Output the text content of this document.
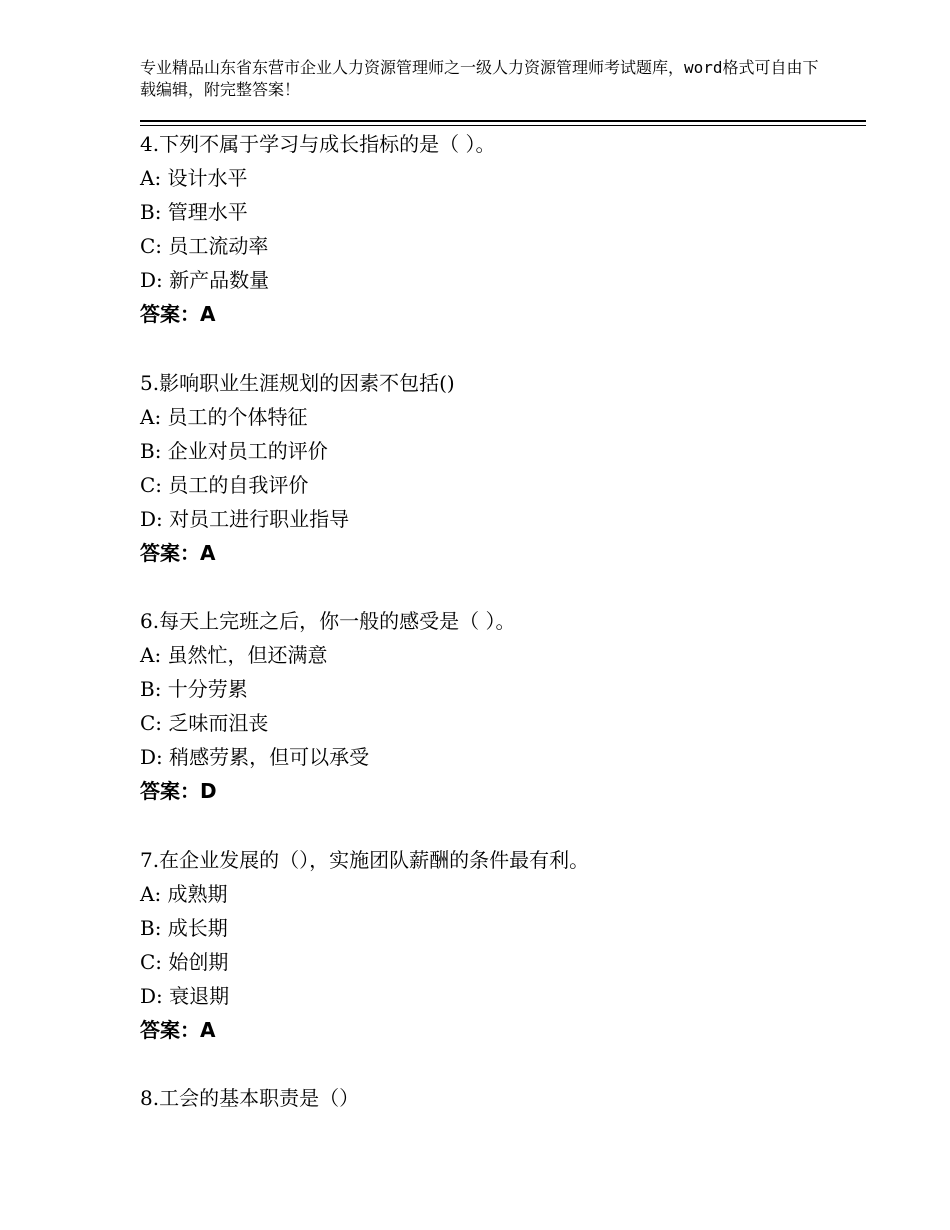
专业精品山东省东营市企业人力资源管理师之一级人力资源管理师考试题库，word格式可自由下载编辑，附完整答案！
4.下列不属于学习与成长指标的是（ ）。
A: 设计水平
B: 管理水平
C: 员工流动率
D: 新产品数量
答案：A
5.影响职业生涯规划的因素不包括()
A: 员工的个体特征
B: 企业对员工的评价
C: 员工的自我评价
D: 对员工进行职业指导
答案：A
6.每天上完班之后，你一般的感受是（ ）。
A: 虽然忙，但还满意
B: 十分劳累
C: 乏味而沮丧
D: 稍感劳累，但可以承受
答案：D
7.在企业发展的（），实施团队薪酬的条件最有利。
A: 成熟期
B: 成长期
C: 始创期
D: 衰退期
答案：A
8.工会的基本职责是（）
